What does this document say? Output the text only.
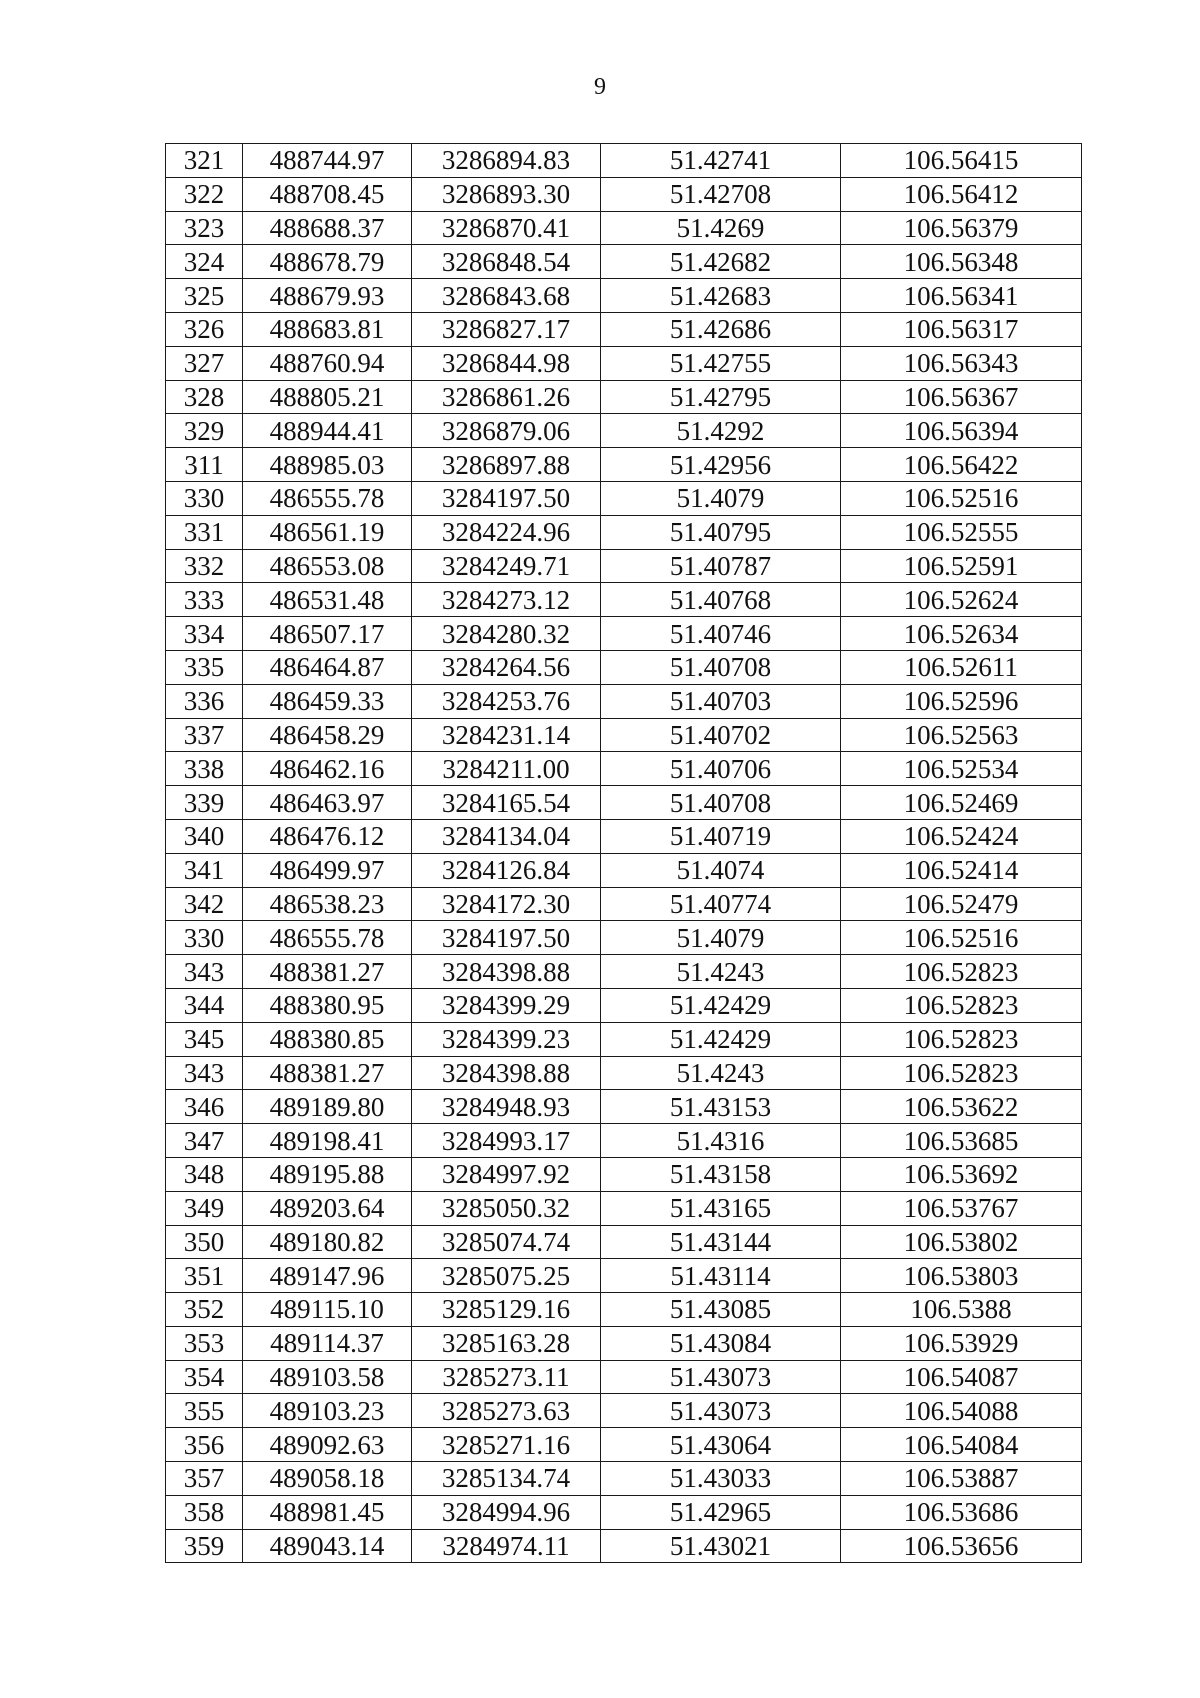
9
321	488744.97	3286894.83	51.42741	106.56415
322	488708.45	3286893.30	51.42708	106.56412
323	488688.37	3286870.41	51.4269	106.56379
324	488678.79	3286848.54	51.42682	106.56348
325	488679.93	3286843.68	51.42683	106.56341
326	488683.81	3286827.17	51.42686	106.56317
327	488760.94	3286844.98	51.42755	106.56343
328	488805.21	3286861.26	51.42795	106.56367
329	488944.41	3286879.06	51.4292	106.56394
311	488985.03	3286897.88	51.42956	106.56422
330	486555.78	3284197.50	51.4079	106.52516
331	486561.19	3284224.96	51.40795	106.52555
332	486553.08	3284249.71	51.40787	106.52591
333	486531.48	3284273.12	51.40768	106.52624
334	486507.17	3284280.32	51.40746	106.52634
335	486464.87	3284264.56	51.40708	106.52611
336	486459.33	3284253.76	51.40703	106.52596
337	486458.29	3284231.14	51.40702	106.52563
338	486462.16	3284211.00	51.40706	106.52534
339	486463.97	3284165.54	51.40708	106.52469
340	486476.12	3284134.04	51.40719	106.52424
341	486499.97	3284126.84	51.4074	106.52414
342	486538.23	3284172.30	51.40774	106.52479
330	486555.78	3284197.50	51.4079	106.52516
343	488381.27	3284398.88	51.4243	106.52823
344	488380.95	3284399.29	51.42429	106.52823
345	488380.85	3284399.23	51.42429	106.52823
343	488381.27	3284398.88	51.4243	106.52823
346	489189.80	3284948.93	51.43153	106.53622
347	489198.41	3284993.17	51.4316	106.53685
348	489195.88	3284997.92	51.43158	106.53692
349	489203.64	3285050.32	51.43165	106.53767
350	489180.82	3285074.74	51.43144	106.53802
351	489147.96	3285075.25	51.43114	106.53803
352	489115.10	3285129.16	51.43085	106.5388
353	489114.37	3285163.28	51.43084	106.53929
354	489103.58	3285273.11	51.43073	106.54087
355	489103.23	3285273.63	51.43073	106.54088
356	489092.63	3285271.16	51.43064	106.54084
357	489058.18	3285134.74	51.43033	106.53887
358	488981.45	3284994.96	51.42965	106.53686
359	489043.14	3284974.11	51.43021	106.53656
